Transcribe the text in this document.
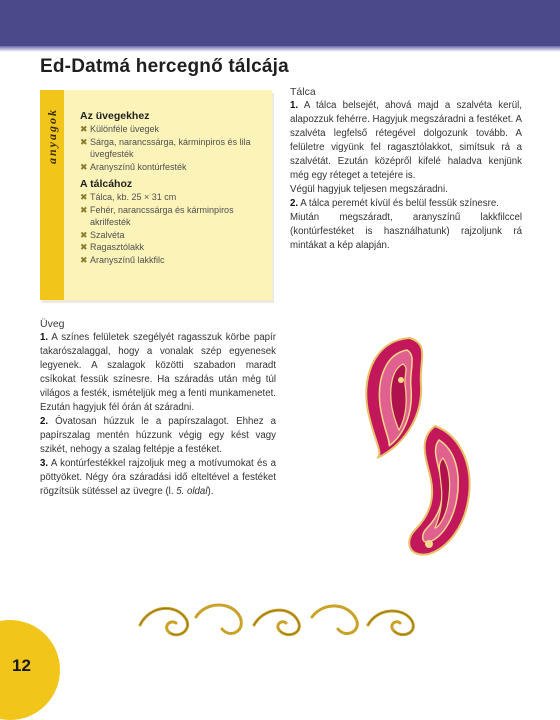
Ed-Datmá hercegnő tálcája
anyagok Az üvegekhez
✖ Különféle üvegek
✖ Sárga, narancssárga, kárminpiros és lila üvegfesték
✖ Aranyszínű kontúrfesték
A tálcához
✖ Tálca, kb. 25 × 31 cm
✖ Fehér, narancssárga és kárminpiros akrilfesték
✖ Szalvéta
✖ Ragasztólakk
✖ Aranyszínű lakkfilc
Tálca

1. A tálca belsejét, ahová majd a szalvéta kerül, alapozzuk fehérre. Hagyjuk megszáradni a festéket. A szalvéta legfelső rétegével dolgozunk tovább. A felületre vigyünk fel ragasztólakkot, simítsuk rá a szalvétát. Ezután középről kifelé haladva kenjünk még egy réteget a tetejére is.

Végül hagyjuk teljesen megszáradni.

2. A tálca peremét kívül és belül fessük színesre.

Miután megszáradt, aranyszínű lakkfilccel (kontúrfestéket is használhatunk) rajzoljunk rá mintákat a kép alapján.

Üveg

1. A színes felületek szegélyét ragasszuk körbe papír takarószalaggal, hogy a vonalak szép egyenesek legyenek. A szalagok közötti szabadon maradt csíkokat fessük színesre. Ha száradás után még túl világos a festék, ismételjük meg a fenti munkamenetet. Ezután hagyjuk fél órán át száradni.

2. Óvatosan húzzuk le a papírszalagot. Ehhez a papírszalag mentén húzzunk végig egy kést vagy szikét, nehogy a szalag feltépje a festéket.

3. A kontúrfestékkel rajzoljuk meg a motívumokat és a pöttyöket. Négy óra száradási idő elteltével a festéket rögzítsük sütéssel az üvegre (l. 5. oldal).

12
